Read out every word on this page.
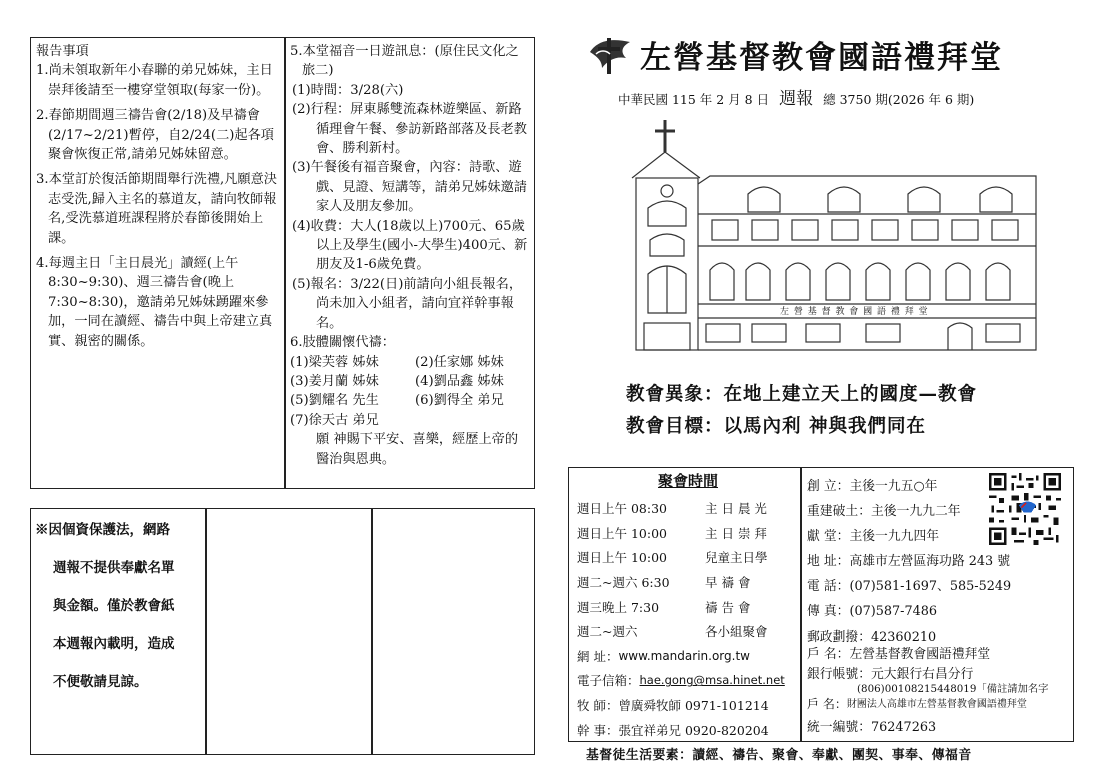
報告事項

1.尚未領取新年小春聯的弟兄姊妹，主日崇拜後請至一樓穿堂領取(每家一份)。

2.春節期間週三禱告會(2/18)及早禱會(2/17~2/21)暫停，自2/24(二)起各項聚會恢復正常,請弟兄姊妹留意。

3.本堂訂於復活節期間舉行洗禮,凡願意決志受洗,歸入主名的慕道友，請向牧師報名,受洗慕道班課程將於春節後開始上課。

4.每週主日「主日晨光」讀經(上午8:30~9:30)、週三禱告會(晚上7:30~8:30)，邀請弟兄姊妹踴躍來參加，一同在讀經、禱告中與上帝建立真實、親密的關係。

5.本堂福音一日遊訊息：(原住民文化之旅二)

(1)時間：3/28(六)

(2)行程：屏東縣雙流森林遊樂區、新路循理會午餐、參訪新路部落及長老教會、勝利新村。

(3)午餐後有福音聚會，內容：詩歌、遊戲、見證、短講等，請弟兄姊妹邀請家人及朋友參加。

(4)收費：大人(18歲以上)700元、65歲以上及學生(國小-大學生)400元、新朋友及1-6歲免費。

(5)報名：3/22(日)前請向小組長報名，尚未加入小組者，請向宜祥幹事報名。

6.肢體關懷代禱：

(1)梁芙蓉 姊妹	(2)任家娜 姊妹
(3)姜月蘭 姊妹	(4)劉品鑫 姊妹
(5)劉耀名 先生	(6)劉得全 弟兄
(7)徐天古 弟兄

願 神賜下平安、喜樂，經歷上帝的醫治與恩典。

※因個資保護法，網路

週報不提供奉獻名單

與金額。僅於教會紙

本週報內載明，造成

不便敬請見諒。

左營基督教會國語禮拜堂
中華民國 115 年 2 月 8 日 週報 總 3750 期(2026 年 6 期)
左 營 基 督 教 會 國 語 禮 拜 堂
教會異象：在地上建立天上的國度—教會
教會目標：以馬內利 神與我們同在
聚會時間
週日上午 08:30	主 日 晨 光
週日上午 10:00	主 日 崇 拜
週日上午 10:00	兒童主日學
週二~週六 6:30	早 禱 會
週三晚上 7:30	禱 告 會
週二~週六	各小組聚會
網 址： www.mandarin.org.tw
電子信箱： hae.gong@msa.hinet.net
牧 師：曾廣舜牧師 0971-101214
幹 事：張宜祥弟兄 0920-820204
創 立：主後一九五○年
重建破土：主後一九九二年
獻 堂：主後一九九四年
地 址：高雄市左營區海功路 243 號
電 話：(07)581-1697、585-5249
傳 真：(07)587-7486
郵政劃撥：42360210
戶 名：左營基督教會國語禮拜堂
銀行帳號：元大銀行右昌分行
(806)00108215448019「備註請加名字
戶 名： 財團法人高雄市左營基督教會國語禮拜堂
統一編號：76247263
基督徒生活要素：讀經、禱告、聚會、奉獻、團契、事奉、傳福音
